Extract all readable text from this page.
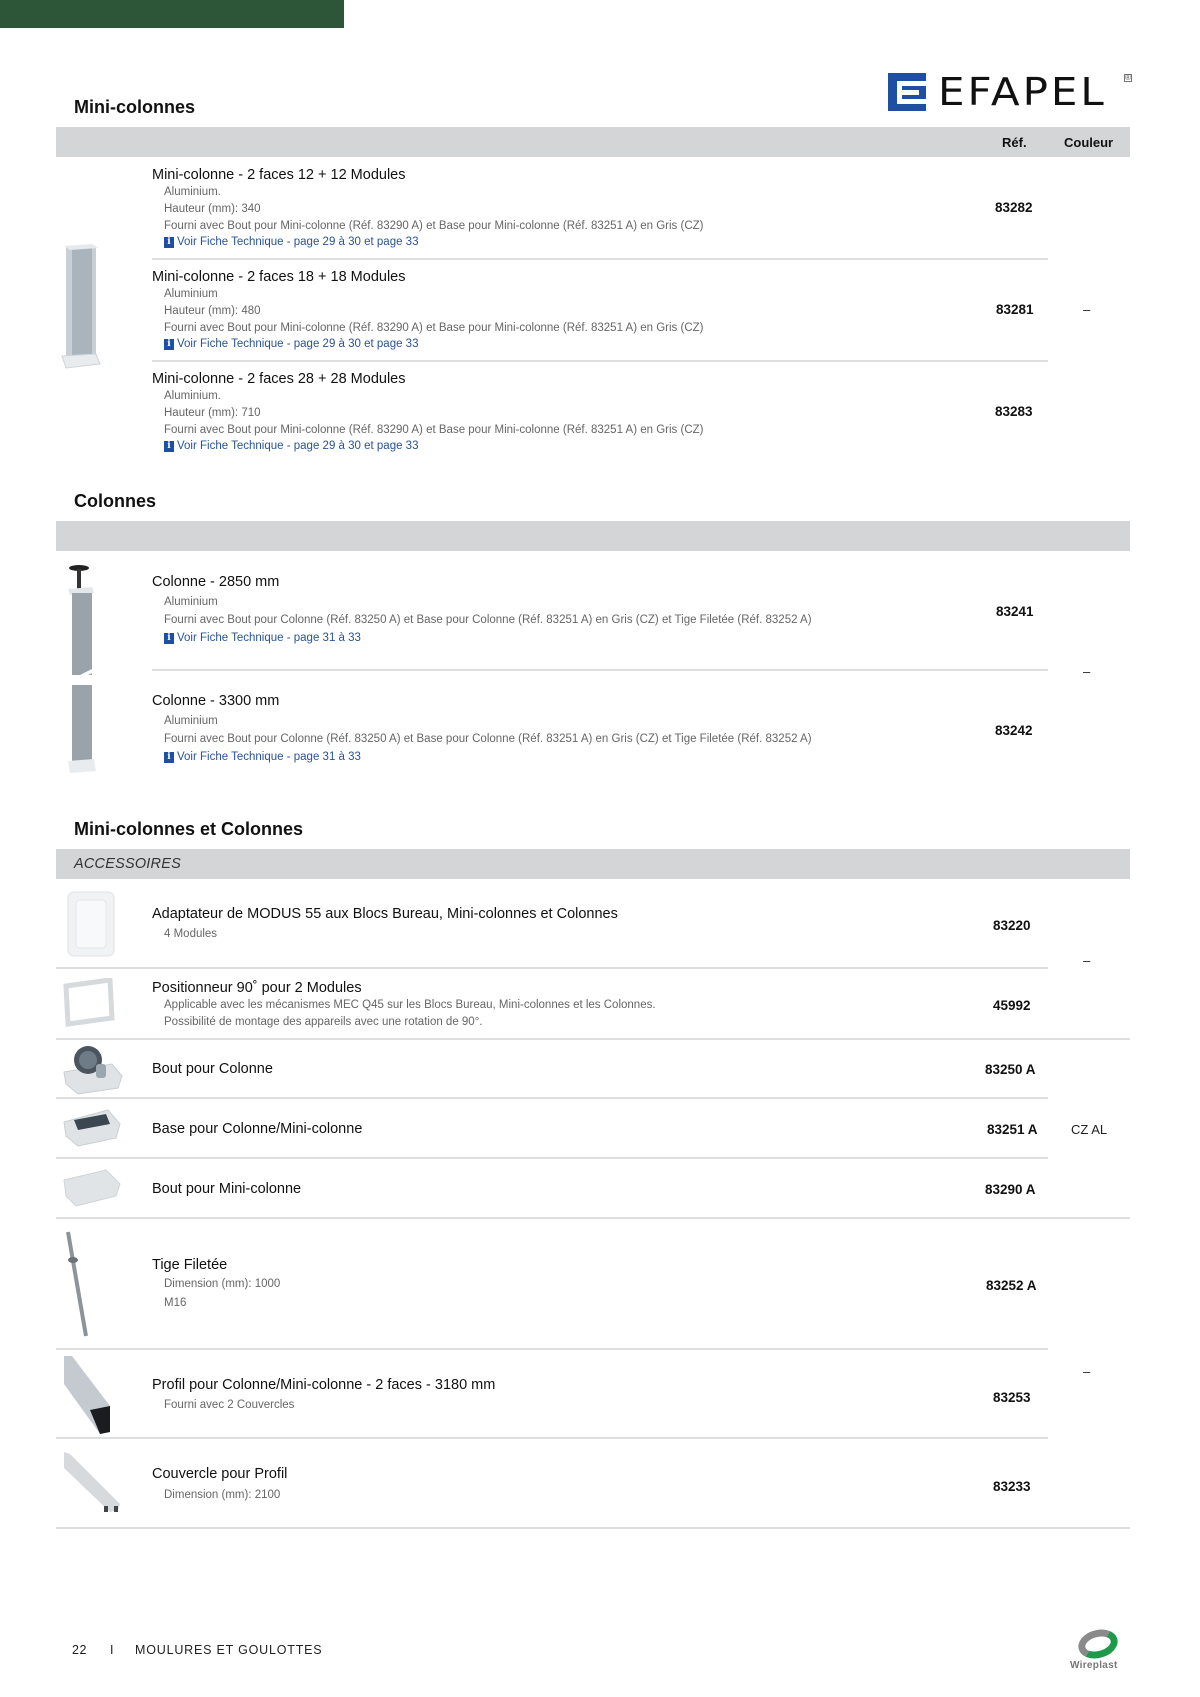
EFAPEL ®
Mini-colonnes
Réf.	Couleur
Mini-colonne - 2 faces 12 + 12 Modules
Aluminium.
Hauteur (mm): 340
Fourni avec Bout pour Mini-colonne (Réf. 83290 A) et Base pour Mini-colonne (Réf. 83251 A) en Gris (CZ)
i Voir Fiche Technique - page 29 à 30 et page 33
83282
Mini-colonne - 2 faces 18 + 18 Modules
Aluminium
Hauteur (mm): 480
Fourni avec Bout pour Mini-colonne (Réf. 83290 A) et Base pour Mini-colonne (Réf. 83251 A) en Gris (CZ)
i Voir Fiche Technique - page 29 à 30 et page 33
83281	–
Mini-colonne - 2 faces 28 + 28 Modules
Aluminium.
Hauteur (mm): 710
Fourni avec Bout pour Mini-colonne (Réf. 83290 A) et Base pour Mini-colonne (Réf. 83251 A) en Gris (CZ)
i Voir Fiche Technique - page 29 à 30 et page 33
83283
Colonnes
Colonne - 2850 mm
Aluminium
Fourni avec Bout pour Colonne (Réf. 83250 A) et Base pour Colonne (Réf. 83251 A) en Gris (CZ) et Tige Filetée (Réf. 83252 A)
i Voir Fiche Technique - page 31 à 33
83241
–
Colonne - 3300 mm
Aluminium
Fourni avec Bout pour Colonne (Réf. 83250 A) et Base pour Colonne (Réf. 83251 A) en Gris (CZ) et Tige Filetée (Réf. 83252 A)
i Voir Fiche Technique - page 31 à 33
83242
Mini-colonnes et Colonnes
ACCESSOIRES
Adaptateur de MODUS 55 aux Blocs Bureau, Mini-colonnes et Colonnes
4 Modules
83220
–
Positionneur 90˚ pour 2 Modules
Applicable avec les mécanismes MEC Q45 sur les Blocs Bureau, Mini-colonnes et les Colonnes.
Possibilité de montage des appareils avec une rotation de 90°.
45992
Bout pour Colonne	83250 A
Base pour Colonne/Mini-colonne	83251 A	CZ AL
Bout pour Mini-colonne	83290 A
Tige Filetée
Dimension (mm): 1000
M16
83252 A
–
Profil pour Colonne/Mini-colonne - 2 faces - 3180 mm
Fourni avec 2 Couvercles	83253
Couvercle pour Profil
Dimension (mm): 2100
83233
22 I MOULURES ET GOULOTTES
Wireplast
